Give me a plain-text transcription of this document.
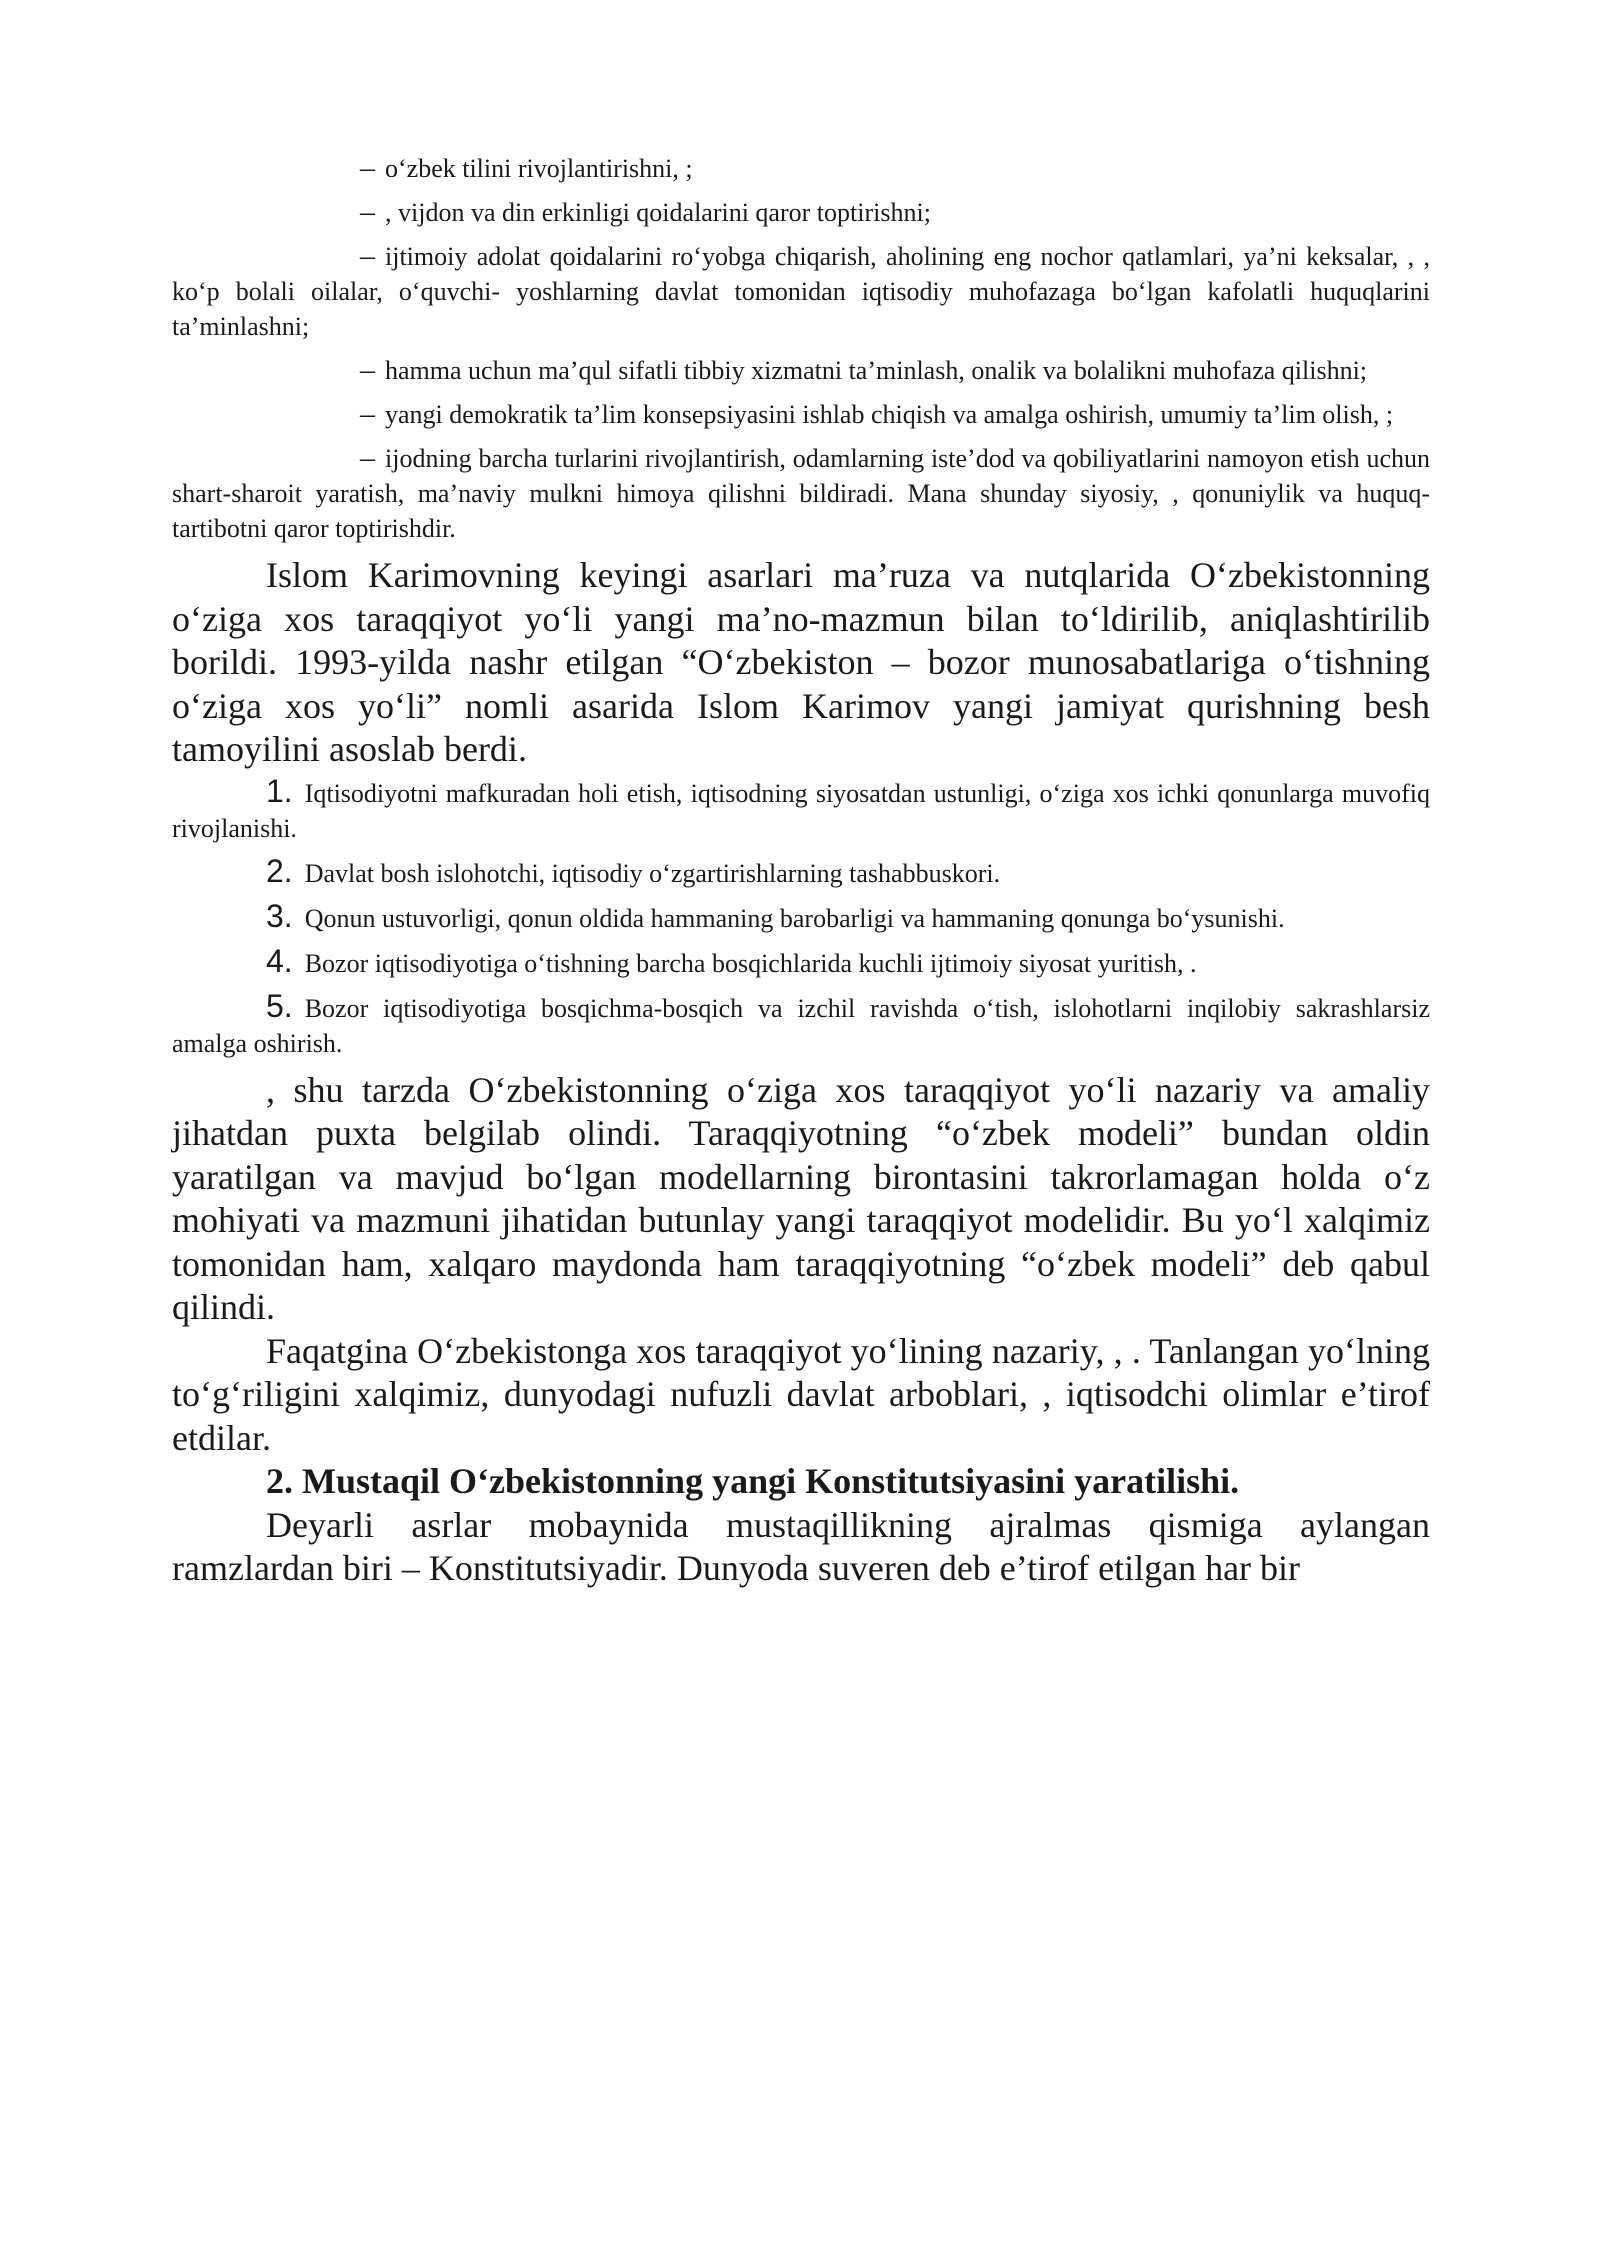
– o‘zbek tilini rivojlantirishni, ;

– , vijdon va din erkinligi qoidalarini qaror toptirishni;

– ijtimoiy adolat qoidalarini ro‘yobga chiqarish, aholining eng nochor qatlamlari, ya’ni keksalar, , , ko‘p bolali oilalar, o‘quvchi- yoshlarning davlat tomonidan iqtisodiy muhofazaga bo‘lgan kafolatli huquqlarini ta’minlashni;

– hamma uchun ma’qul sifatli tibbiy xizmatni ta’minlash, onalik va bolalikni muhofaza qilishni;

– yangi demokratik ta’lim konsepsiyasini ishlab chiqish va amalga oshirish, umumiy ta’lim olish, ;

– ijodning barcha turlarini rivojlantirish, odamlarning iste’dod va qobiliyatlarini namoyon etish uchun shart-sharoit yaratish, ma’naviy mulkni himoya qilishni bildiradi. Mana shunday siyosiy, , qonuniylik va huquq-tartibotni qaror toptirishdir.

Islom Karimovning keyingi asarlari ma’ruza va nutqlarida O‘zbekistonning o‘ziga xos taraqqiyot yo‘li yangi ma’no-mazmun bilan to‘ldirilib, aniqlashtirilib borildi. 1993-yilda nashr etilgan “O‘zbekiston – bozor munosabatlariga o‘tishning o‘ziga xos yo‘li” nomli asarida Islom Karimov yangi jamiyat qurishning besh tamoyilini asoslab berdi.

1. Iqtisodiyotni mafkuradan holi etish, iqtisodning siyosatdan ustunligi, o‘ziga xos ichki qonunlarga muvofiq rivojlanishi.

2. Davlat bosh islohotchi, iqtisodiy o‘zgartirishlarning tashabbuskori.

3. Qonun ustuvorligi, qonun oldida hammaning barobarligi va hammaning qonunga bo‘ysunishi.

4. Bozor iqtisodiyotiga o‘tishning barcha bosqichlarida kuchli ijtimoiy siyosat yuritish, .

5. Bozor iqtisodiyotiga bosqichma-bosqich va izchil ravishda o‘tish, islohotlarni inqilobiy sakrashlarsiz amalga oshirish.

, shu tarzda O‘zbekistonning o‘ziga xos taraqqiyot yo‘li nazariy va amaliy jihatdan puxta belgilab olindi. Taraqqiyotning “o‘zbek modeli” bundan oldin yaratilgan va mavjud bo‘lgan modellarning birontasini takrorlamagan holda o‘z mohiyati va mazmuni jihatidan butunlay yangi taraqqiyot modelidir. Bu yo‘l xalqimiz tomonidan ham, xalqaro maydonda ham taraqqiyotning “o‘zbek modeli” deb qabul qilindi.

Faqatgina O‘zbekistonga xos taraqqiyot yo‘lining nazariy, , . Tanlangan yo‘lning to‘g‘riligini xalqimiz, dunyodagi nufuzli davlat arboblari, , iqtisodchi olimlar e’tirof etdilar.

2. Mustaqil O‘zbekistonning yangi Konstitutsiyasini yaratilishi.

Deyarli asrlar mobaynida mustaqillikning ajralmas qismiga aylangan ramzlardan biri – Konstitutsiyadir. Dunyoda suveren deb e’tirof etilgan har bir
